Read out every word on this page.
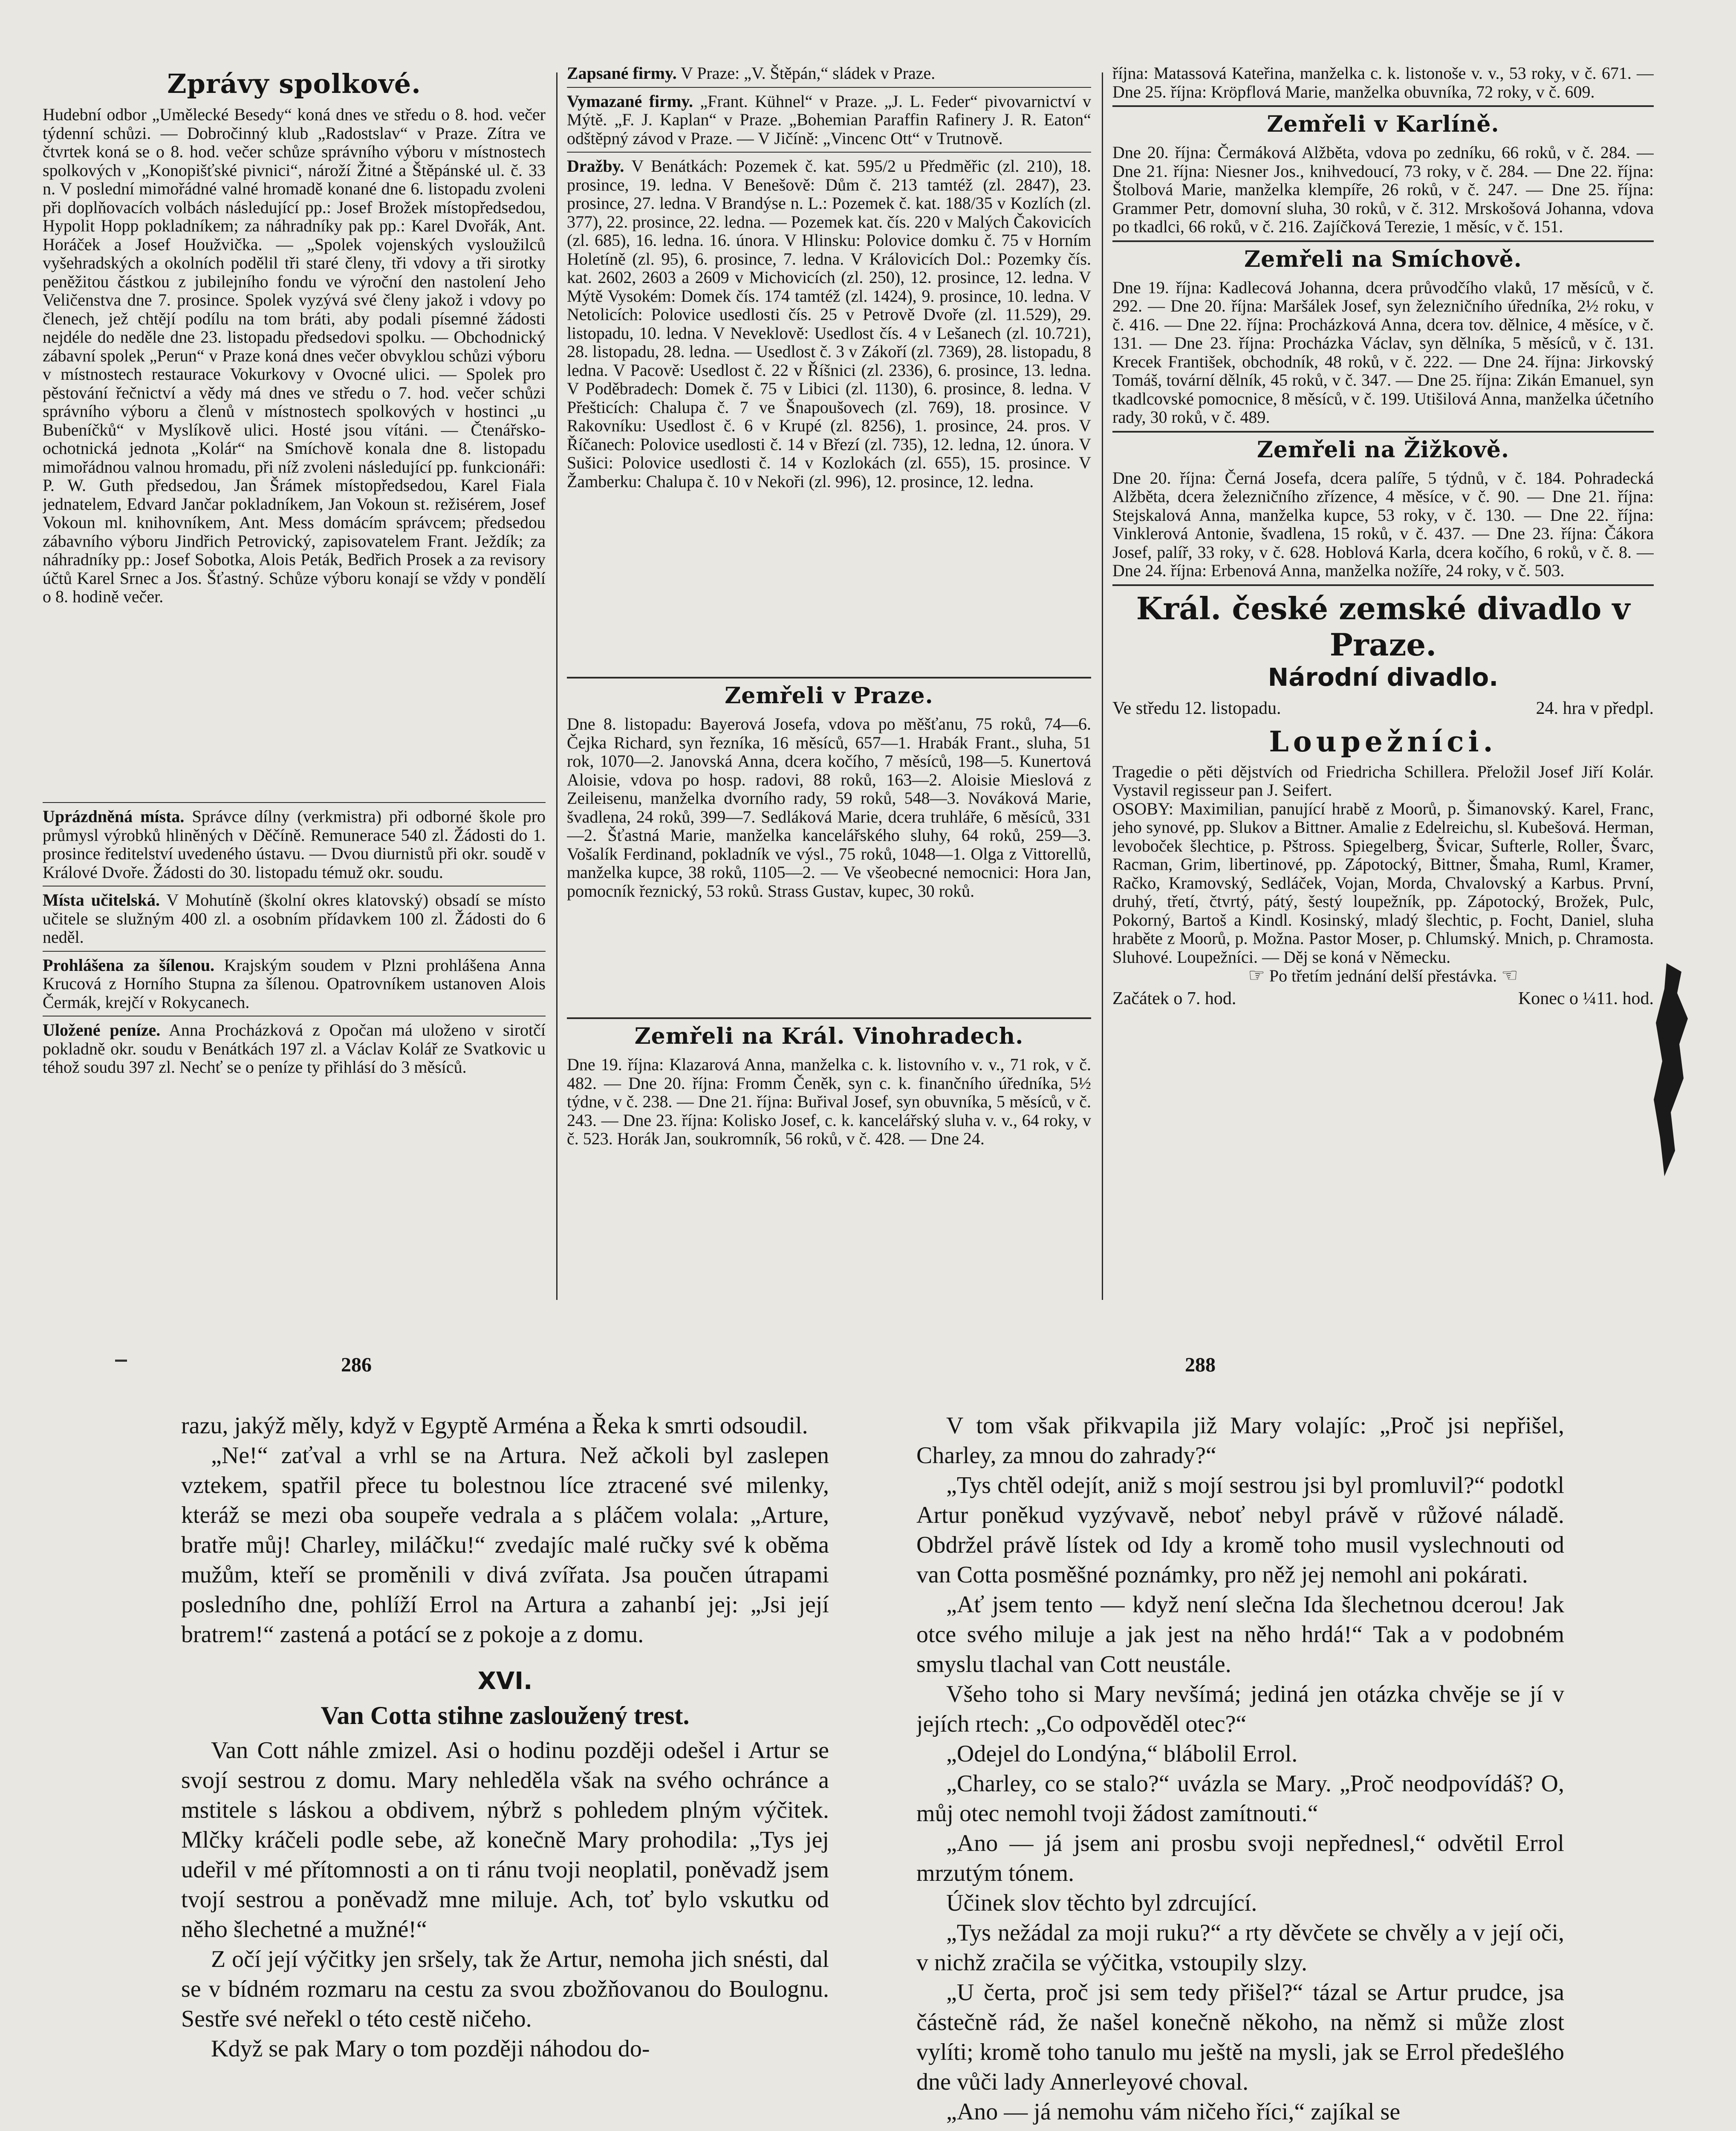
Zprávy spolkové.

Hudební odbor „Umělecké Besedy“ koná dnes ve středu o 8. hod. večer týdenní schůzi. — Dobročinný klub „Radostslav“ v Praze. Zítra ve čtvrtek koná se o 8. hod. večer schůze správního výboru v místnostech spolkových v „Konopišťské pivnici“, nároží Žitné a Štěpánské ul. č. 33 n. V poslední mimořádné valné hromadě konané dne 6. listopadu zvoleni při doplňovacích volbách následující pp.: Josef Brožek místopředsedou, Hypolit Hopp pokladníkem; za náhradníky pak pp.: Karel Dvořák, Ant. Horáček a Josef Houžvička. — „Spolek vojenských vysloužilců vyšehradských a okolních podělil tři staré členy, tři vdovy a tři sirotky peněžitou částkou z jubilejního fondu ve výroční den nastolení Jeho Veličenstva dne 7. prosince. Spolek vyzývá své členy jakož i vdovy po členech, jež chtějí podílu na tom bráti, aby podali písemné žádosti nejdéle do neděle dne 23. listopadu předsedovi spolku. — Obchodnický zábavní spolek „Perun“ v Praze koná dnes večer obvyklou schůzi výboru v místnostech restaurace Vokurkovy v Ovocné ulici. — Spolek pro pěstování řečnictví a vědy má dnes ve středu o 7. hod. večer schůzi správního výboru a členů v místnostech spolkových v hostinci „u Bubeníčků“ v Myslíkově ulici. Hosté jsou vítáni. — Čtenářsko-ochotnická jednota „Kolár“ na Smíchově konala dne 8. listopadu mimořádnou valnou hromadu, při níž zvoleni následující pp. funkcionáři: P. W. Guth předsedou, Jan Šrámek místopředsedou, Karel Fiala jednatelem, Edvard Jančar pokladníkem, Jan Vokoun st. režisérem, Josef Vokoun ml. knihovníkem, Ant. Mess domácím správcem; předsedou zábavního výboru Jindřich Petrovický, zapisovatelem Frant. Ježdík; za náhradníky pp.: Josef Sobotka, Alois Peták, Bedřich Prosek a za revisory účtů Karel Srnec a Jos. Šťastný. Schůze výboru konají se vždy v pondělí o 8. hodině večer.

Uprázdněná místa. Správce dílny (verkmistra) při odborné škole pro průmysl výrobků hliněných v Děčíně. Remunerace 540 zl. Žádosti do 1. prosince ředitelství uvedeného ústavu. — Dvou diurnistů při okr. soudě v Králové Dvoře. Žádosti do 30. listopadu témuž okr. soudu.

Místa učitelská. V Mohutíně (školní okres klatovský) obsadí se místo učitele se služným 400 zl. a osobním přídavkem 100 zl. Žádosti do 6 neděl.

Prohlášena za šílenou. Krajským soudem v Plzni prohlášena Anna Krucová z Horního Stupna za šílenou. Opatrovníkem ustanoven Alois Čermák, krejčí v Rokycanech.

Uložené peníze. Anna Procházková z Opočan má uloženo v sirotčí pokladně okr. soudu v Benátkách 197 zl. a Václav Kolář ze Svatkovic u téhož soudu 397 zl. Nechť se o peníze ty přihlásí do 3 měsíců.

Zapsané firmy. V Praze: „V. Štěpán,“ sládek v Praze.

Vymazané firmy. „Frant. Kühnel“ v Praze. „J. L. Feder“ pivovarnictví v Mýtě. „F. J. Kaplan“ v Praze. „Bohemian Paraffin Rafinery J. R. Eaton“ odštěpný závod v Praze. — V Jičíně: „Vincenc Ott“ v Trutnově.

Dražby. V Benátkách: Pozemek č. kat. 595/2 u Předměřic (zl. 210), 18. prosince, 19. ledna. V Benešově: Dům č. 213 tamtéž (zl. 2847), 23. prosince, 27. ledna. V Brandýse n. L.: Pozemek č. kat. 188/35 v Kozlích (zl. 377), 22. prosince, 22. ledna. — Pozemek kat. čís. 220 v Malých Čakovicích (zl. 685), 16. ledna. 16. února. V Hlinsku: Polovice domku č. 75 v Horním Holetíně (zl. 95), 6. prosince, 7. ledna. V Královicích Dol.: Pozemky čís. kat. 2602, 2603 a 2609 v Michovicích (zl. 250), 12. prosince, 12. ledna. V Mýtě Vysokém: Domek čís. 174 tamtéž (zl. 1424), 9. prosince, 10. ledna. V Netolicích: Polovice usedlosti čís. 25 v Petrově Dvoře (zl. 11.529), 29. listopadu, 10. ledna. V Neveklově: Usedlost čís. 4 v Lešanech (zl. 10.721), 28. listopadu, 28. ledna. — Usedlost č. 3 v Zákoří (zl. 7369), 28. listopadu, 8 ledna. V Pacově: Usedlost č. 22 v Říšnici (zl. 2336), 6. prosince, 13. ledna. V Poděbradech: Domek č. 75 v Libici (zl. 1130), 6. prosince, 8. ledna. V Přešticích: Chalupa č. 7 ve Šnapoušovech (zl. 769), 18. prosince. V Rakovníku: Usedlost č. 6 v Krupé (zl. 8256), 1. prosince, 24. pros. V Říčanech: Polovice usedlosti č. 14 v Březí (zl. 735), 12. ledna, 12. února. V Sušici: Polovice usedlosti č. 14 v Kozlokách (zl. 655), 15. prosince. V Žamberku: Chalupa č. 10 v Nekoři (zl. 996), 12. prosince, 12. ledna.

Zemřeli v Praze.

Dne 8. listopadu: Bayerová Josefa, vdova po měšťanu, 75 roků, 74—6. Čejka Richard, syn řezníka, 16 měsíců, 657—1. Hrabák Frant., sluha, 51 rok, 1070—2. Janovská Anna, dcera kočího, 7 měsíců, 198—5. Kunertová Aloisie, vdova po hosp. radovi, 88 roků, 163—2. Aloisie Mieslová z Zeileisenu, manželka dvorního rady, 59 roků, 548—3. Nováková Marie, švadlena, 24 roků, 399—7. Sedláková Marie, dcera truhláře, 6 měsíců, 331—2. Šťastná Marie, manželka kancelářského sluhy, 64 roků, 259—3. Vošalík Ferdinand, pokladník ve výsl., 75 roků, 1048—1. Olga z Vittorellů, manželka kupce, 38 roků, 1105—2. — Ve všeobecné nemocnici: Hora Jan, pomocník řeznický, 53 roků. Strass Gustav, kupec, 30 roků.

Zemřeli na Král. Vinohradech.

Dne 19. října: Klazarová Anna, manželka c. k. listovního v. v., 71 rok, v č. 482. — Dne 20. října: Fromm Čeněk, syn c. k. finančního úředníka, 5½ týdne, v č. 238. — Dne 21. října: Buřival Josef, syn obuvníka, 5 měsíců, v č. 243. — Dne 23. října: Kolisko Josef, c. k. kancelářský sluha v. v., 64 roky, v č. 523. Horák Jan, soukromník, 56 roků, v č. 428. — Dne 24.

října: Matassová Kateřina, manželka c. k. listonoše v. v., 53 roky, v č. 671. — Dne 25. října: Kröpflová Marie, manželka obuvníka, 72 roky, v č. 609.

Zemřeli v Karlíně.

Dne 20. října: Čermáková Alžběta, vdova po zedníku, 66 roků, v č. 284. — Dne 21. října: Niesner Jos., knihvedoucí, 73 roky, v č. 284. — Dne 22. října: Štolbová Marie, manželka klempíře, 26 roků, v č. 247. — Dne 25. října: Grammer Petr, domovní sluha, 30 roků, v č. 312. Mrskošová Johanna, vdova po tkadlci, 66 roků, v č. 216. Zajíčková Terezie, 1 měsíc, v č. 151.

Zemřeli na Smíchově.

Dne 19. října: Kadlecová Johanna, dcera průvodčího vlaků, 17 měsíců, v č. 292. — Dne 20. října: Maršálek Josef, syn železničního úředníka, 2½ roku, v č. 416. — Dne 22. října: Procházková Anna, dcera tov. dělnice, 4 měsíce, v č. 131. — Dne 23. října: Procházka Václav, syn dělníka, 5 měsíců, v č. 131. Krecek František, obchodník, 48 roků, v č. 222. — Dne 24. října: Jirkovský Tomáš, tovární dělník, 45 roků, v č. 347. — Dne 25. října: Zikán Emanuel, syn tkadlcovské pomocnice, 8 měsíců, v č. 199. Utišilová Anna, manželka účetního rady, 30 roků, v č. 489.

Zemřeli na Žižkově.

Dne 20. října: Černá Josefa, dcera palíře, 5 týdnů, v č. 184. Pohradecká Alžběta, dcera železničního zřízence, 4 měsíce, v č. 90. — Dne 21. října: Stejskalová Anna, manželka kupce, 53 roky, v č. 130. — Dne 22. října: Vinklerová Antonie, švadlena, 15 roků, v č. 437. — Dne 23. října: Čákora Josef, palíř, 33 roky, v č. 628. Hoblová Karla, dcera kočího, 6 roků, v č. 8. — Dne 24. října: Erbenová Anna, manželka nožíře, 24 roky, v č. 503.

Král. české zemské divadlo v Praze.
Národní divadlo.
Ve středu 12. listopadu.	24. hra v předpl.
Loupežníci.

Tragedie o pěti dějstvích od Friedricha Schillera. Přeložil Josef Jiří Kolár. Vystavil regisseur pan J. Seifert.

OSOBY: Maximilian, panující hrabě z Moorů, p. Šimanovský. Karel, Franc, jeho synové, pp. Slukov a Bittner. Amalie z Edelreichu, sl. Kubešová. Herman, levoboček šlechtice, p. Pštross. Spiegelberg, Švicar, Sufterle, Roller, Švarc, Racman, Grim, libertinové, pp. Zápotocký, Bittner, Šmaha, Ruml, Kramer, Račko, Kramovský, Sedláček, Vojan, Morda, Chvalovský a Karbus. První, druhý, třetí, čtvrtý, pátý, šestý loupežník, pp. Zápotocký, Brožek, Pulc, Pokorný, Bartoš a Kindl. Kosinský, mladý šlechtic, p. Focht, Daniel, sluha hraběte z Moorů, p. Možna. Pastor Moser, p. Chlumský. Mnich, p. Chramosta. Sluhové. Loupežníci. — Děj se koná v Německu.

☞ Po třetím jednání delší přestávka. ☜

Začátek o 7. hod.	Konec o ¼11. hod.
286	288

razu, jakýž měly, když v Egyptě Arména a Řeka k smrti odsoudil.

„Ne!“ zaťval a vrhl se na Artura. Než ačkoli byl zaslepen vztekem, spatřil přece tu bolestnou líce ztracené své milenky, kteráž se mezi oba soupeře vedrala a s pláčem volala: „Arture, bratře můj! Charley, miláčku!“ zvedajíc malé ručky své k oběma mužům, kteří se proměnili v divá zvířata. Jsa poučen útrapami posledního dne, pohlíží Errol na Artura a zahanbí jej: „Jsi její bratrem!“ zastená a potácí se z pokoje a z domu.

XVI.
Van Cotta stihne zasloužený trest.

Van Cott náhle zmizel. Asi o hodinu později odešel i Artur se svojí sestrou z domu. Mary nehleděla však na svého ochránce a mstitele s láskou a obdivem, nýbrž s pohledem plným výčitek. Mlčky kráčeli podle sebe, až konečně Mary prohodila: „Tys jej udeřil v mé přítomnosti a on ti ránu tvoji neoplatil, poněvadž jsem tvojí sestrou a poněvadž mne miluje. Ach, toť bylo vskutku od něho šlechetné a mužné!“

Z očí její výčitky jen sršely, tak že Artur, nemoha jich snésti, dal se v bídném rozmaru na cestu za svou zbožňovanou do Boulognu. Sestře své neřekl o této cestě ničeho.

Když se pak Mary o tom později náhodou do-

V tom však přikvapila již Mary volajíc: „Proč jsi nepřišel, Charley, za mnou do zahrady?“

„Tys chtěl odejít, aniž s mojí sestrou jsi byl promluvil?“ podotkl Artur poněkud vyzývavě, neboť nebyl právě v růžové náladě. Obdržel právě lístek od Idy a kromě toho musil vyslechnouti od van Cotta posměšné poznámky, pro něž jej nemohl ani pokárati.

„Ať jsem tento — když není slečna Ida šlechetnou dcerou! Jak otce svého miluje a jak jest na něho hrdá!“ Tak a v podobném smyslu tlachal van Cott neustále.

Všeho toho si Mary nevšímá; jediná jen otázka chvěje se jí v jejích rtech: „Co odpověděl otec?“

„Odejel do Londýna,“ blábolil Errol.

„Charley, co se stalo?“ uvázla se Mary. „Proč neodpovídáš? O, můj otec nemohl tvoji žádost zamítnouti.“

„Ano — já jsem ani prosbu svoji nepřednesl,“ odvětil Errol mrzutým tónem.

Účinek slov těchto byl zdrcující.

„Tys nežádal za moji ruku?“ a rty děvčete se chvěly a v její oči, v nichž zračila se výčitka, vstoupily slzy.

„U čerta, proč jsi sem tedy přišel?“ tázal se Artur prudce, jsa částečně rád, že našel konečně někoho, na němž si může zlost vylíti; kromě toho tanulo mu ještě na mysli, jak se Errol předešlého dne vůči lady Annerleyové choval.

„Ano — já nemohu vám ničeho říci,“ zajíkal se
